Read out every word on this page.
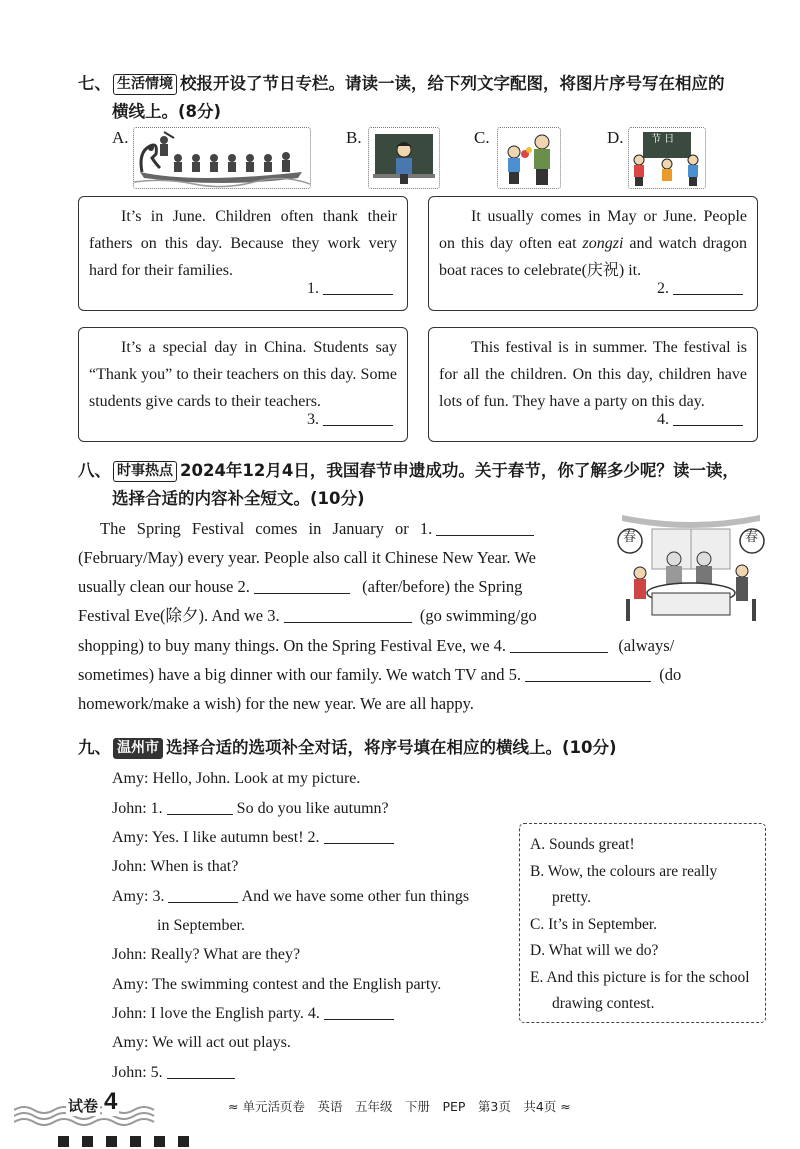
七、 生活情境 校报开设了节日专栏。请读一读，给下列文字配图，将图片序号写在相应的
横线上。(8分)
A.	B.	C.	D.	节 日

It’s in June. Children often thank their fathers on this day. Because they work very hard for their families.

1.

It usually comes in May or June. People on this day often eat zongzi and watch dragon boat races to celebrate(庆祝) it.

2.

It’s a special day in China. Students say “Thank you” to their teachers on this day. Some students give cards to their teachers.

3.

This festival is in summer. The festival is for all the children. On this day, children have lots of fun. They have a party on this day.

4.
八、 时事热点 2024年12月4日，我国春节申遗成功。关于春节，你了解多少呢？读一读，
选择合适的内容补全短文。(10分)
春	春
The Spring Festival comes in January or 1.
(February/May) every year. People also call it Chinese New Year. We
usually clean our house 2.	(after/before) the Spring
Festival Eve(除夕). And we 3.	(go swimming/go
shopping) to buy many things. On the Spring Festival Eve, we 4.	(always/
sometimes) have a big dinner with our family. We watch TV and 5.	(do
homework/make a wish) for the new year. We are all happy.
九、 温州市 选择合适的选项补全对话，将序号填在相应的横线上。(10分)
Amy: Hello, John. Look at my picture.
John: 1.	So do you like autumn?
Amy: Yes. I like autumn best! 2.
John: When is that?
Amy: 3.	And we have some other fun things
in September.
John: Really? What are they?
Amy: The swimming contest and the English party.
John: I love the English party. 4.
Amy: We will act out plays.
John: 5.
A. Sounds great!
B. Wow, the colours are really pretty.
C. It’s in September.
D. What will we do?
E. And this picture is for the school drawing contest.
试卷 4	≈ 单元活页卷　英语　五年级　下册　PEP　第3页　共4页 ≈
